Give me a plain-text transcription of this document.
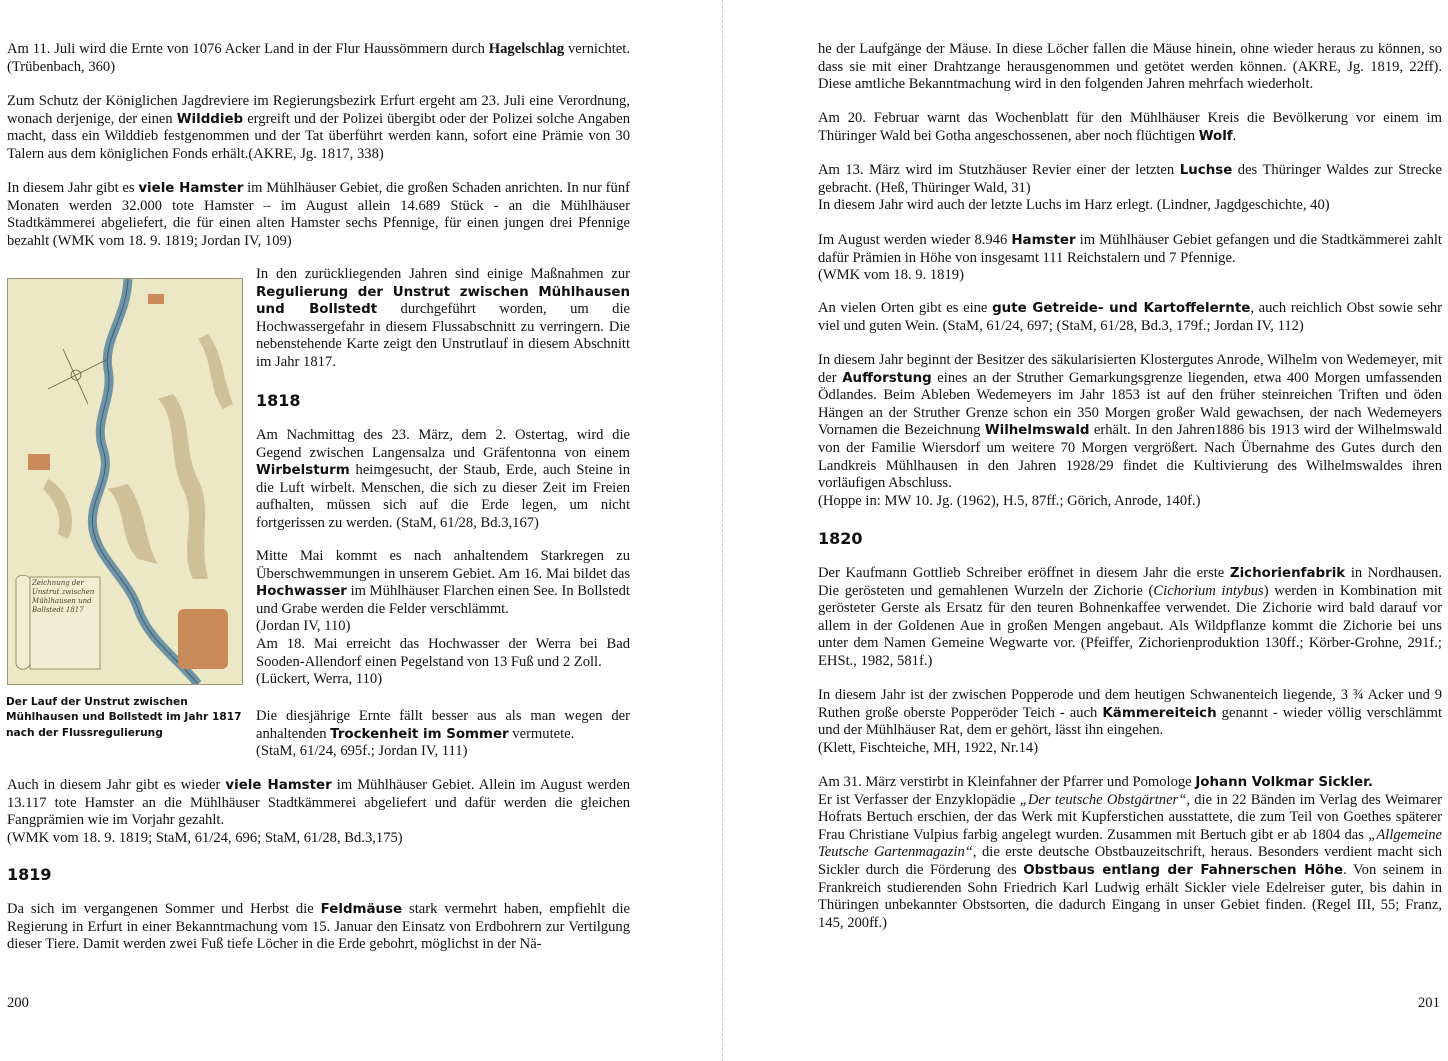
Am 11. Juli wird die Ernte von 1076 Acker Land in der Flur Haussömmern durch Hagelschlag vernichtet. (Trübenbach, 360)

Zum Schutz der Königlichen Jagdreviere im Regierungsbezirk Erfurt ergeht am 23. Juli eine Verordnung, wonach derjenige, der einen Wilddieb ergreift und der Polizei übergibt oder der Polizei solche Angaben macht, dass ein Wilddieb festgenommen und der Tat überführt werden kann, sofort eine Prämie von 30 Talern aus dem königlichen Fonds erhält.(AKRE, Jg. 1817, 338)

In diesem Jahr gibt es viele Hamster im Mühlhäuser Gebiet, die großen Schaden anrichten. In nur fünf Monaten werden 32.000 tote Hamster – im August allein 14.689 Stück - an die Mühlhäuser Stadtkämmerei abgeliefert, die für einen alten Hamster sechs Pfennige, für einen jungen drei Pfennige bezahlt (WMK vom 18. 9. 1819; Jordan IV, 109)

Zeichnung der Unstrut zwischen Mühlhausen und Bollstedt 1817
Der Lauf der Unstrut zwischen Mühlhausen und Bollstedt im Jahr 1817 nach der Flussregulierung

In den zurückliegenden Jahren sind einige Maßnahmen zur Regulierung der Unstrut zwischen Mühlhausen und Bollstedt durchgeführt worden, um die Hochwassergefahr in diesem Flussabschnitt zu verringern. Die nebenstehende Karte zeigt den Unstrutlauf in diesem Abschnitt im Jahr 1817.

1818

Am Nachmittag des 23. März, dem 2. Ostertag, wird die Gegend zwischen Langensalza und Gräfentonna von einem Wirbelsturm heimgesucht, der Staub, Erde, auch Steine in die Luft wirbelt. Menschen, die sich zu dieser Zeit im Freien aufhalten, müssen sich auf die Erde legen, um nicht fortgerissen zu werden. (StaM, 61/28, Bd.3,167)

Mitte Mai kommt es nach anhaltendem Starkregen zu Überschwemmungen in unserem Gebiet. Am 16. Mai bildet das Hochwasser im Mühlhäuser Flarchen einen See. In Bollstedt und Grabe werden die Felder verschlämmt.

(Jordan IV, 110)

Am 18. Mai erreicht das Hochwasser der Werra bei Bad Sooden-Allendorf einen Pegelstand von 13 Fuß und 2 Zoll.

(Lückert, Werra, 110)

Die diesjährige Ernte fällt besser aus als man wegen der anhaltenden Trockenheit im Sommer vermutete.

(StaM, 61/24, 695f.; Jordan IV, 111)

Auch in diesem Jahr gibt es wieder viele Hamster im Mühlhäuser Gebiet. Allein im August werden 13.117 tote Hamster an die Mühlhäuser Stadtkämmerei abgeliefert und dafür werden die gleichen Fangprämien wie im Vorjahr gezahlt.

(WMK vom 18. 9. 1819; StaM, 61/24, 696; StaM, 61/28, Bd.3,175)

1819

Da sich im vergangenen Sommer und Herbst die Feldmäuse stark vermehrt haben, empfiehlt die Regierung in Erfurt in einer Bekanntmachung vom 15. Januar den Einsatz von Erdbohrern zur Vertilgung dieser Tiere. Damit werden zwei Fuß tiefe Löcher in die Erde gebohrt, möglichst in der Nä-

200

he der Laufgänge der Mäuse. In diese Löcher fallen die Mäuse hinein, ohne wieder heraus zu können, so dass sie mit einer Drahtzange herausgenommen und getötet werden können. (AKRE, Jg. 1819, 22ff). Diese amtliche Bekanntmachung wird in den folgenden Jahren mehrfach wiederholt.

Am 20. Februar warnt das Wochenblatt für den Mühlhäuser Kreis die Bevölkerung vor einem im Thüringer Wald bei Gotha angeschossenen, aber noch flüchtigen Wolf.

Am 13. März wird im Stutzhäuser Revier einer der letzten Luchse des Thüringer Waldes zur Strecke gebracht. (Heß, Thüringer Wald, 31)

In diesem Jahr wird auch der letzte Luchs im Harz erlegt. (Lindner, Jagdgeschichte, 40)

Im August werden wieder 8.946 Hamster im Mühlhäuser Gebiet gefangen und die Stadtkämmerei zahlt dafür Prämien in Höhe von insgesamt 111 Reichstalern und 7 Pfennige.

(WMK vom 18. 9. 1819)

An vielen Orten gibt es eine gute Getreide- und Kartoffelernte, auch reichlich Obst sowie sehr viel und guten Wein. (StaM, 61/24, 697; (StaM, 61/28, Bd.3, 179f.; Jordan IV, 112)

In diesem Jahr beginnt der Besitzer des säkularisierten Klostergutes Anrode, Wilhelm von Wedemeyer, mit der Aufforstung eines an der Struther Gemarkungsgrenze liegenden, etwa 400 Morgen umfassenden Ödlandes. Beim Ableben Wedemeyers im Jahr 1853 ist auf den früher steinreichen Triften und öden Hängen an der Struther Grenze schon ein 350 Morgen großer Wald gewachsen, der nach Wedemeyers Vornamen die Bezeichnung Wilhelmswald erhält. In den Jahren1886 bis 1913 wird der Wilhelmswald von der Familie Wiersdorf um weitere 70 Morgen vergrößert. Nach Übernahme des Gutes durch den Landkreis Mühlhausen in den Jahren 1928/29 findet die Kultivierung des Wilhelmswaldes ihren vorläufigen Abschluss.

(Hoppe in: MW 10. Jg. (1962), H.5, 87ff.; Görich, Anrode, 140f.)

1820

Der Kaufmann Gottlieb Schreiber eröffnet in diesem Jahr die erste Zichorienfabrik in Nordhausen. Die gerösteten und gemahlenen Wurzeln der Zichorie (Cichorium intybus) werden in Kombination mit gerösteter Gerste als Ersatz für den teuren Bohnenkaffee verwendet. Die Zichorie wird bald darauf vor allem in der Goldenen Aue in großen Mengen angebaut. Als Wildpflanze kommt die Zichorie bei uns unter dem Namen Gemeine Wegwarte vor. (Pfeiffer, Zichorienproduktion 130ff.; Körber-Grohne, 291f.; EHSt., 1982, 581f.)

In diesem Jahr ist der zwischen Popperode und dem heutigen Schwanenteich liegende, 3 ¾ Acker und 9 Ruthen große oberste Popperöder Teich - auch Kämmereiteich genannt - wieder völlig verschlämmt und der Mühlhäuser Rat, dem er gehört, lässt ihn eingehen.

(Klett, Fischteiche, MH, 1922, Nr.14)

Am 31. März verstirbt in Kleinfahner der Pfarrer und Pomologe Johann Volkmar Sickler.

Er ist Verfasser der Enzyklopädie „Der teutsche Obstgärtner“, die in 22 Bänden im Verlag des Weimarer Hofrats Bertuch erschien, der das Werk mit Kupferstichen ausstattete, die zum Teil von Goethes späterer Frau Christiane Vulpius farbig angelegt wurden. Zusammen mit Bertuch gibt er ab 1804 das „Allgemeine Teutsche Gartenmagazin“, die erste deutsche Obstbauzeitschrift, heraus. Besonders verdient macht sich Sickler durch die Förderung des Obstbaus entlang der Fahnerschen Höhe. Von seinem in Frankreich studierenden Sohn Friedrich Karl Ludwig erhält Sickler viele Edelreiser guter, bis dahin in Thüringen unbekannter Obstsorten, die dadurch Eingang in unser Gebiet finden. (Regel III, 55; Franz, 145, 200ff.)

201
